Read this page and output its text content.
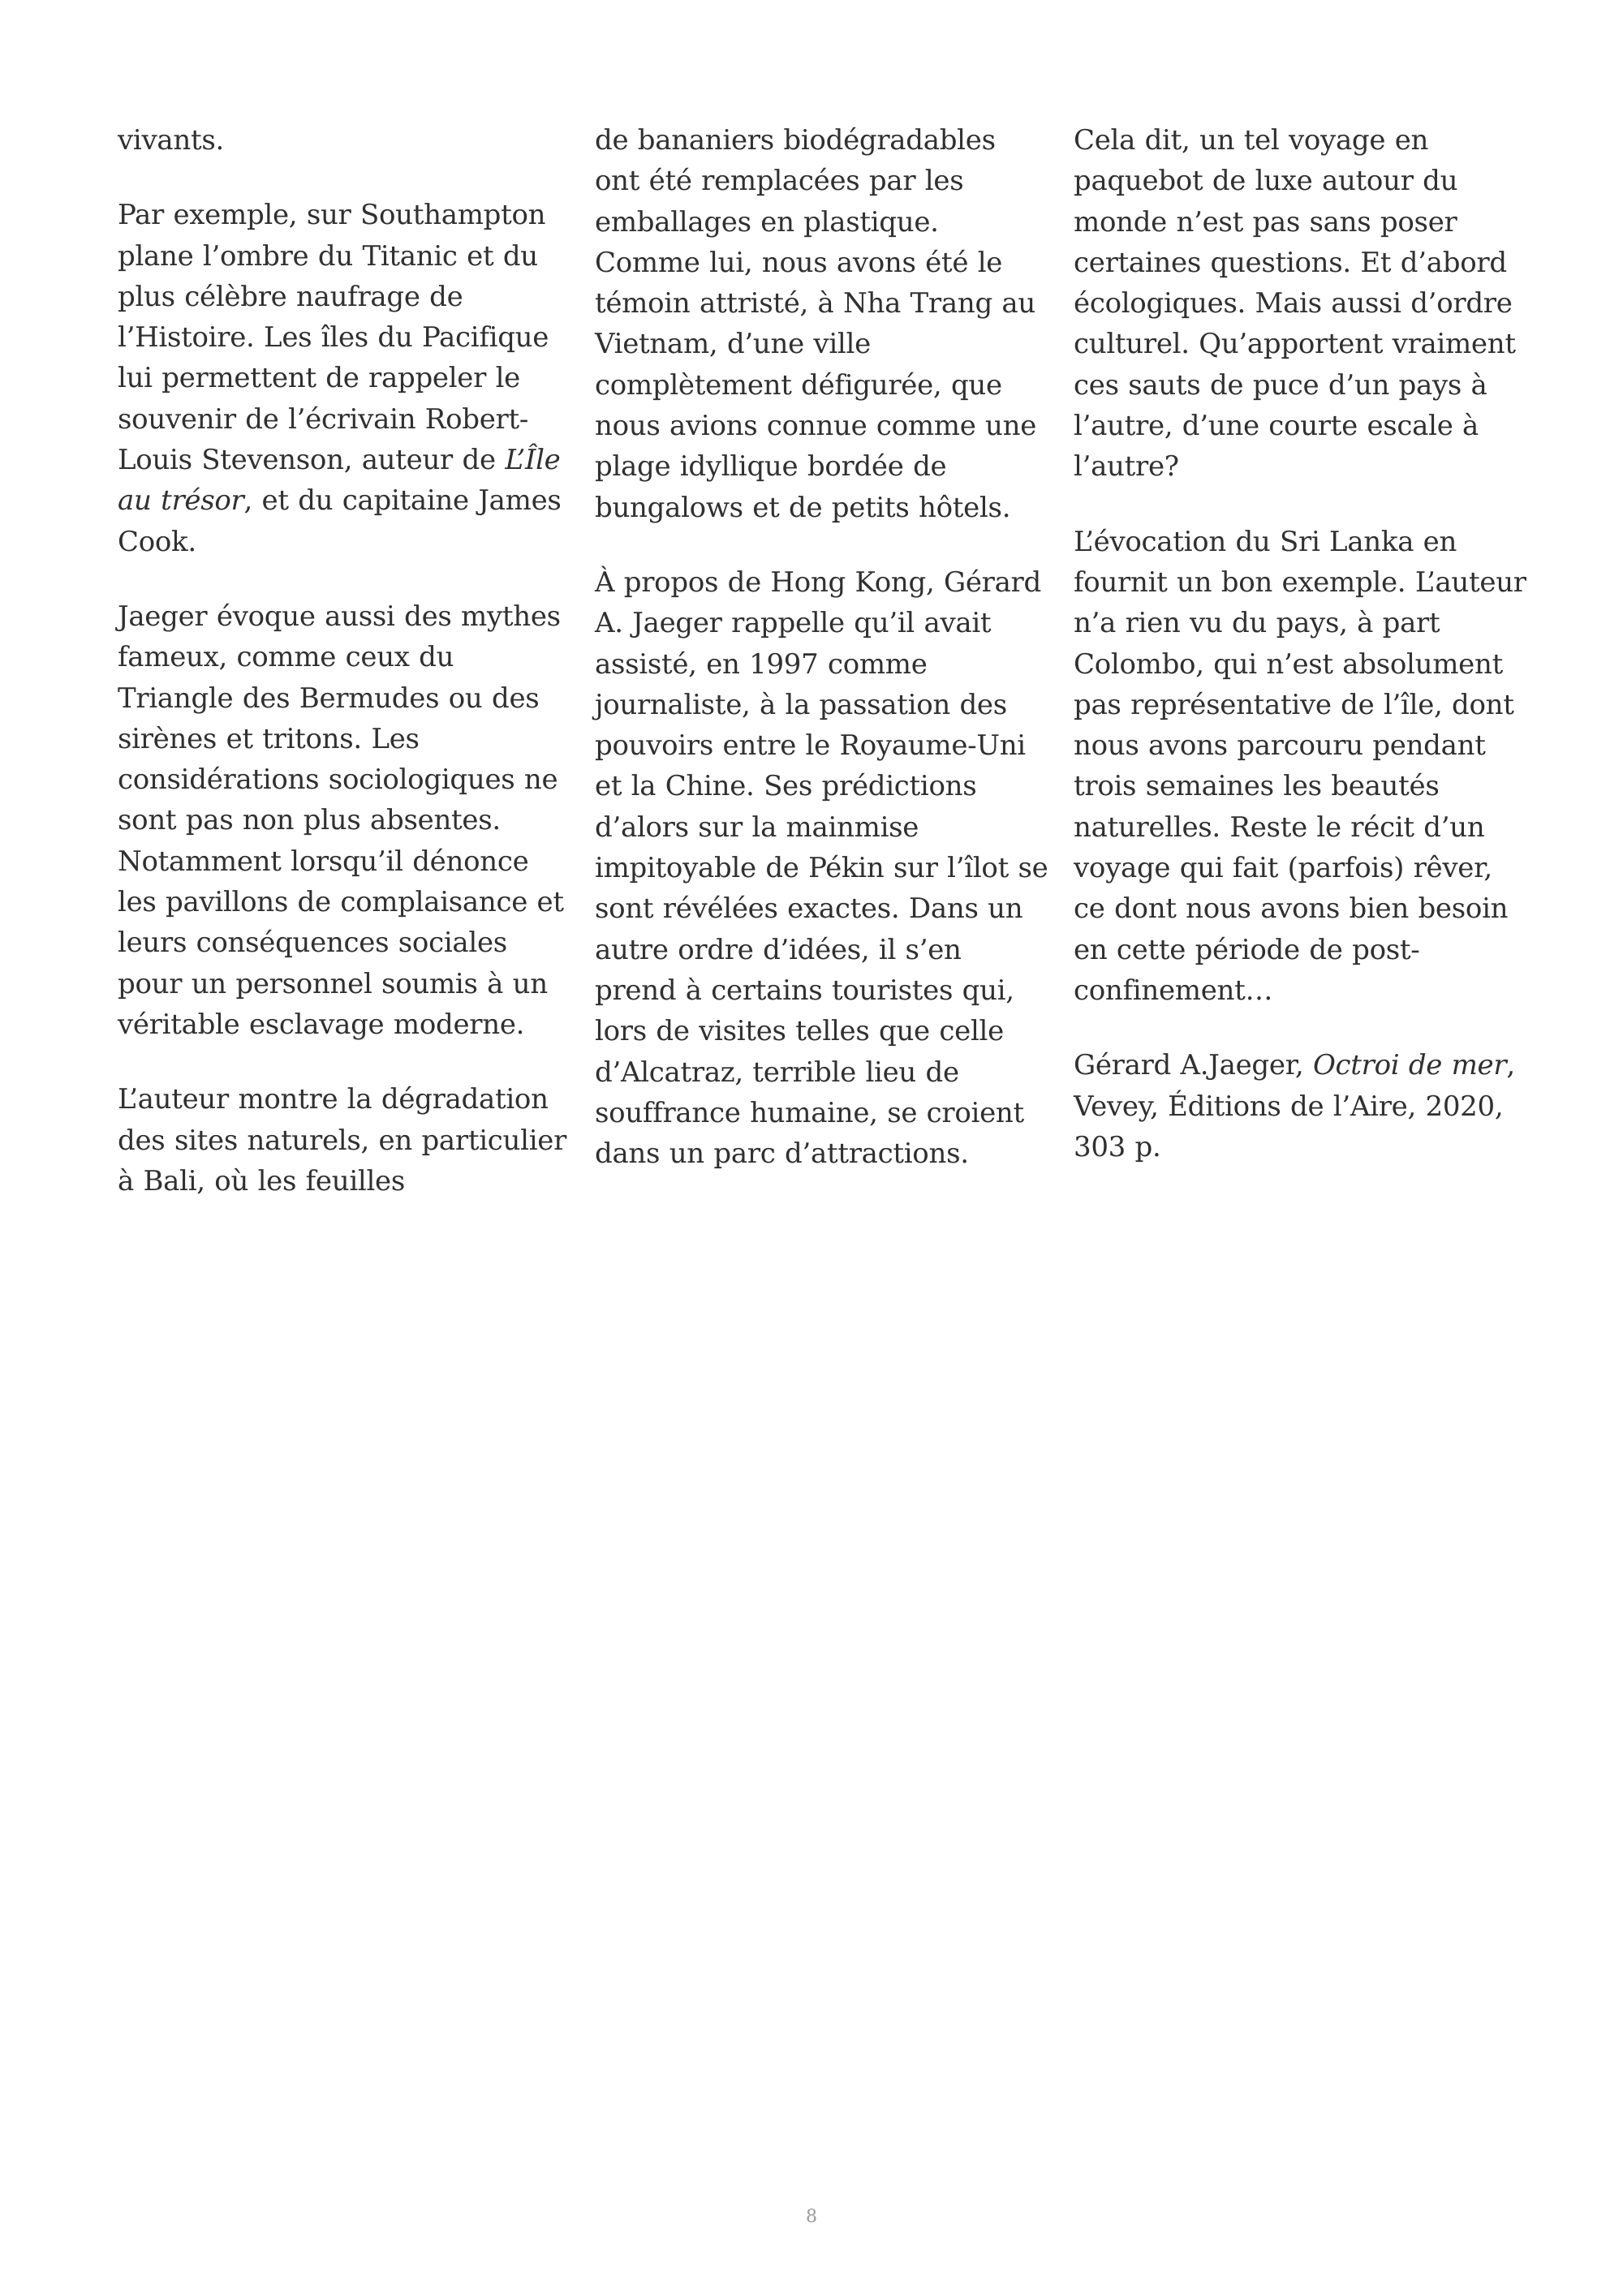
vivants.

Par exemple, sur Southampton plane l’ombre du Titanic et du plus célèbre naufrage de l’Histoire. Les îles du Pacifique lui permettent de rappeler le souvenir de l’écrivain Robert-Louis Stevenson, auteur de L’Île au trésor, et du capitaine James Cook.

Jaeger évoque aussi des mythes fameux, comme ceux du Triangle des Bermudes ou des sirènes et tritons. Les considérations sociologiques ne sont pas non plus absentes. Notamment lorsqu’il dénonce les pavillons de complaisance et leurs conséquences sociales pour un personnel soumis à un véritable esclavage moderne.

L’auteur montre la dégradation des sites naturels, en particulier à Bali, où les feuilles

de bananiers biodégradables ont été remplacées par les emballages en plastique. Comme lui, nous avons été le témoin attristé, à Nha Trang au Vietnam, d’une ville complètement défigurée, que nous avions connue comme une plage idyllique bordée de bungalows et de petits hôtels.

À propos de Hong Kong, Gérard A. Jaeger rappelle qu’il avait assisté, en 1997 comme journaliste, à la passation des pouvoirs entre le Royaume-Uni et la Chine. Ses prédictions d’alors sur la mainmise impitoyable de Pékin sur l’îlot se sont révélées exactes. Dans un autre ordre d’idées, il s’en prend à certains touristes qui, lors de visites telles que celle d’Alcatraz, terrible lieu de souffrance humaine, se croient dans un parc d’attractions.

Cela dit, un tel voyage en paquebot de luxe autour du monde n’est pas sans poser certaines questions. Et d’abord écologiques. Mais aussi d’ordre culturel. Qu’apportent vraiment ces sauts de puce d’un pays à l’autre, d’une courte escale à l’autre?

L’évocation du Sri Lanka en fournit un bon exemple. L’auteur n’a rien vu du pays, à part Colombo, qui n’est absolument pas représentative de l’île, dont nous avons parcouru pendant trois semaines les beautés naturelles. Reste le récit d’un voyage qui fait (parfois) rêver, ce dont nous avons bien besoin en cette période de post-confinement…

Gérard A.Jaeger, Octroi de mer, Vevey, Éditions de l’Aire, 2020, 303 p.

8
